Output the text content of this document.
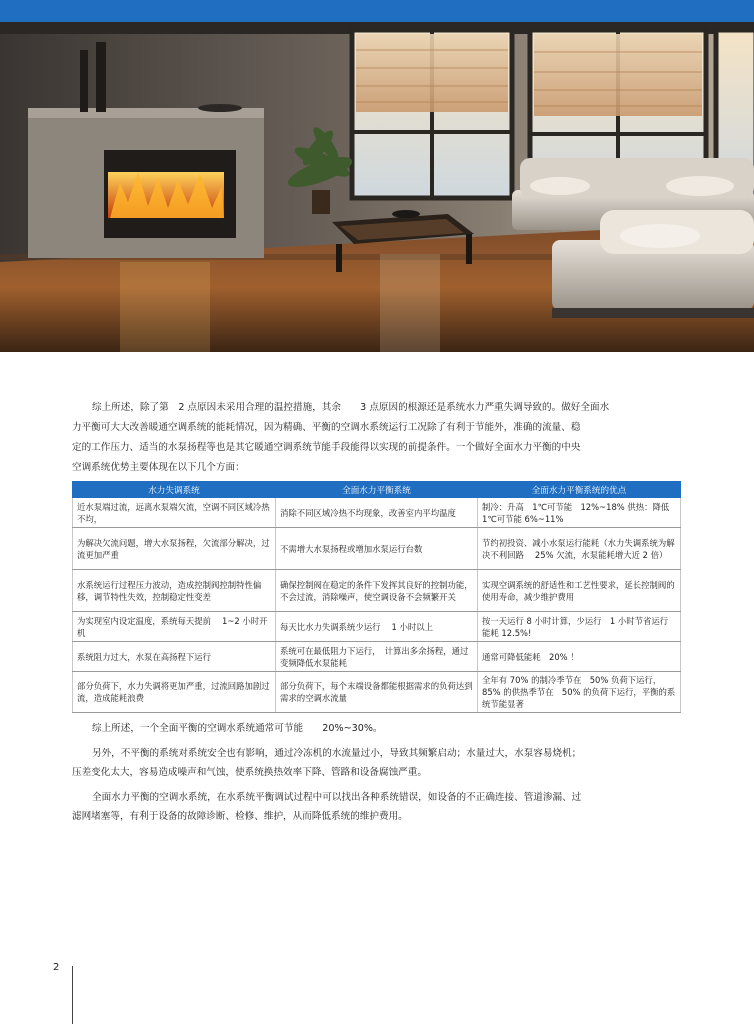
综上所述，除了第　2 点原因未采用合理的温控措施，其余　　3 点原因的根源还是系统水力严重失调导致的。做好全面水
力平衡可大大改善暖通空调系统的能耗情况，因为精确、平衡的空调水系统运行工况除了有利于节能外，准确的流量、稳
定的工作压力、适当的水泵扬程等也是其它暖通空调系统节能手段能得以实现的前提条件。一个做好全面水力平衡的中央
空调系统优势主要体现在以下几个方面：

水力失调系统	全面水力平衡系统	全面水力平衡系统的优点
近水泵端过流，远离水泵端欠流，空调不同区域冷热不均，	消除不同区域冷热不均现象，改善室内平均温度	制冷：升高　1℃可节能　12%~18% 供热：降低 1℃可节能 6%~11%
为解决欠流问题，增大水泵扬程，欠流部分解决，过流更加严重	不需增大水泵扬程或增加水泵运行台数	节约初投资、减小水泵运行能耗（水力失调系统为解决不利回路　 25% 欠流，水泵能耗增大近 2 倍）
水系统运行过程压力波动，造成控制阀控制特性偏移，调节特性失效，控制稳定性变差	确保控制阀在稳定的条件下发挥其良好的控制功能，不会过流，消除噪声，使空调设备不会频繁开关	实现空调系统的舒适性和工艺性要求，延长控制阀的使用寿命，减少维护费用
为实现室内设定温度，系统每天提前　 1~2 小时开机	每天比水力失调系统少运行　 1 小时以上	按一天运行 8 小时计算，少运行　1 小时节省运行能耗 12.5%!
系统阻力过大，水泵在高扬程下运行	系统可在最低阻力下运行，　计算出多余扬程，通过变频降低水泵能耗	通常可降低能耗　20% ！
部分负荷下，水力失调将更加严重，过流回路加剧过流，造成能耗浪费	部分负荷下，每个末端设备都能根据需求的负荷达到需求的空调水流量	全年有 70% 的制冷季节在　50% 负荷下运行，85% 的供热季节在　50% 的负荷下运行，平衡的系统节能显著

综上所述，一个全面平衡的空调水系统通常可节能　　20%~30%。

另外，不平衡的系统对系统安全也有影响，通过冷冻机的水流量过小，导致其频繁启动；水量过大，水泵容易烧机；
压差变化太大，容易造成噪声和气蚀，使系统换热效率下降、管路和设备腐蚀严重。

全面水力平衡的空调水系统，在水系统平衡调试过程中可以找出各种系统错误，如设备的不正确连接、管道渗漏、过
滤网堵塞等，有利于设备的故障诊断、检修、维护，从而降低系统的维护费用。

2
